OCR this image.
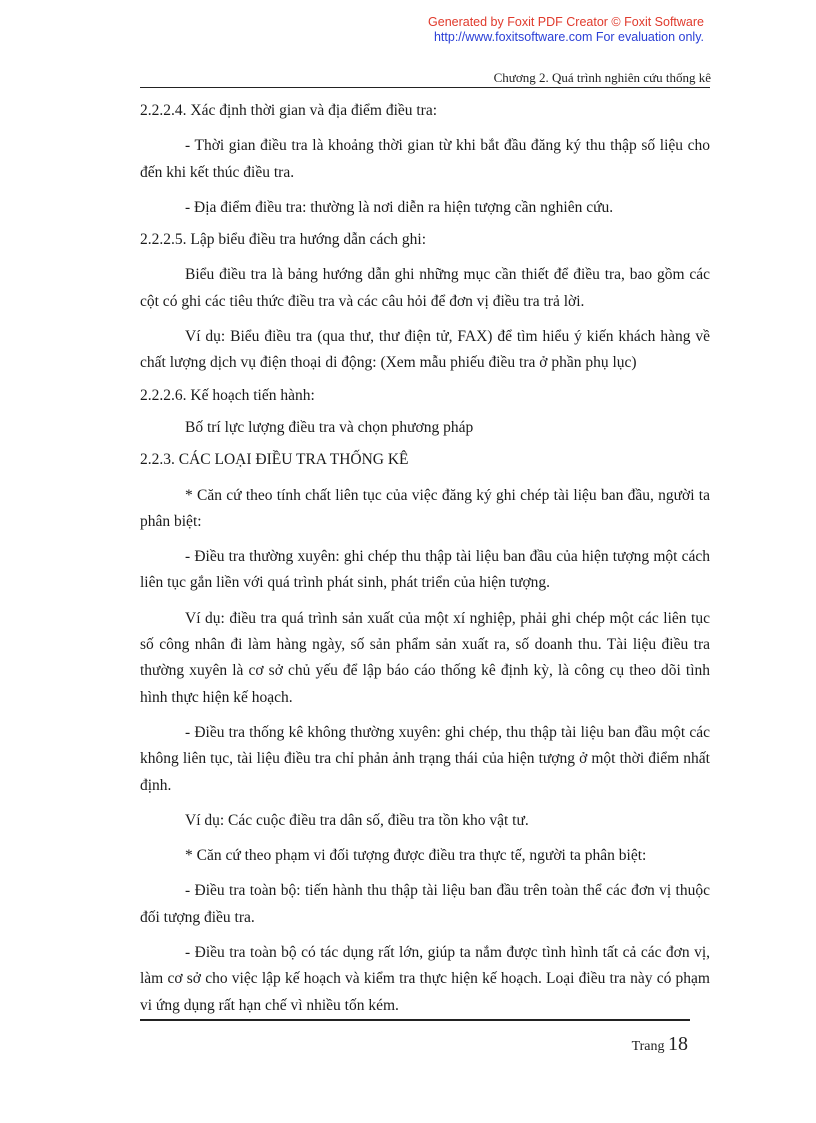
Generated by Foxit PDF Creator © Foxit Software
http://www.foxitsoftware.com For evaluation only.
Chương 2. Quá trình nghiên cứu thống kê

2.2.2.4. Xác định thời gian và địa điểm điều tra:

- Thời gian điều tra là khoảng thời gian từ khi bắt đầu đăng ký thu thập số liệu cho đến khi kết thúc điều tra.

- Địa điểm điều tra: thường là nơi diễn ra hiện tượng cần nghiên cứu.

2.2.2.5. Lập biểu điều tra hướng dẫn cách ghi:

Biểu điều tra là bảng hướng dẫn ghi những mục cần thiết để điều tra, bao gồm các cột có ghi các tiêu thức điều tra và các câu hỏi để đơn vị điều tra trả lời.

Ví dụ: Biểu điều tra (qua thư, thư điện tử, FAX) để tìm hiểu ý kiến khách hàng về chất lượng dịch vụ điện thoại di động: (Xem mẫu phiếu điều tra ở phần phụ lục)

2.2.2.6. Kế hoạch tiến hành:

Bố trí lực lượng điều tra và chọn phương pháp

2.2.3. CÁC LOẠI ĐIỀU TRA THỐNG KÊ

* Căn cứ theo tính chất liên tục của việc đăng ký ghi chép tài liệu ban đầu, người ta phân biệt:

- Điều tra thường xuyên: ghi chép thu thập tài liệu ban đầu của hiện tượng một cách liên tục gắn liền với quá trình phát sinh, phát triển của hiện tượng.

Ví dụ: điều tra quá trình sản xuất của một xí nghiệp, phải ghi chép một các liên tục số công nhân đi làm hàng ngày, số sản phẩm sản xuất ra, số doanh thu. Tài liệu điều tra thường xuyên là cơ sở chủ yếu để lập báo cáo thống kê định kỳ, là công cụ theo dõi tình hình thực hiện kế hoạch.

- Điều tra thống kê không thường xuyên: ghi chép, thu thập tài liệu ban đầu một các không liên tục, tài liệu điều tra chỉ phản ảnh trạng thái của hiện tượng ở một thời điểm nhất định.

Ví dụ: Các cuộc điều tra dân số, điều tra tồn kho vật tư.

* Căn cứ theo phạm vi đối tượng được điều tra thực tế, người ta phân biệt:

- Điều tra toàn bộ: tiến hành thu thập tài liệu ban đầu trên toàn thể các đơn vị thuộc đối tượng điều tra.

- Điều tra toàn bộ có tác dụng rất lớn, giúp ta nắm được tình hình tất cả các đơn vị, làm cơ sở cho việc lập kế hoạch và kiểm tra thực hiện kế hoạch. Loại điều tra này có phạm vi ứng dụng rất hạn chế vì nhiều tốn kém.

Trang 18
